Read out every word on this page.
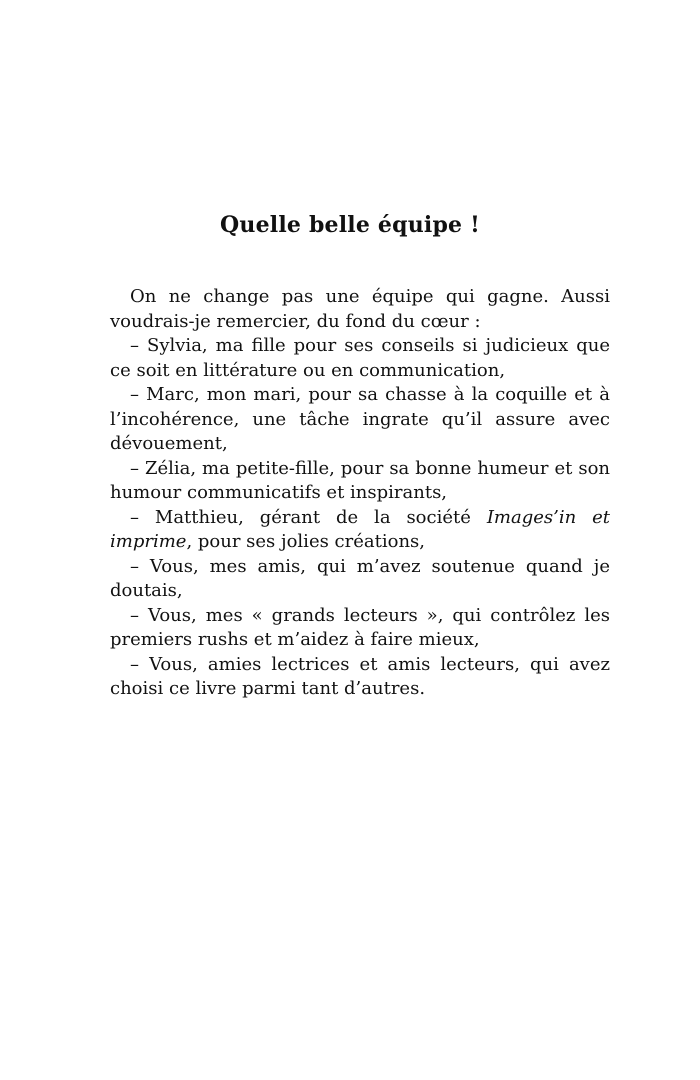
Quelle belle équipe !

On ne change pas une équipe qui gagne. Aussi voudrais-je remercier, du fond du cœur :

– Sylvia, ma fille pour ses conseils si judicieux que ce soit en littérature ou en communication,

– Marc, mon mari, pour sa chasse à la coquille et à l’incohérence, une tâche ingrate qu’il assure avec dévouement,

– Zélia, ma petite-fille, pour sa bonne humeur et son humour communicatifs et inspirants,

– Matthieu, gérant de la société Images’in et imprime, pour ses jolies créations,

– Vous, mes amis, qui m’avez soutenue quand je doutais,

– Vous, mes « grands lecteurs », qui contrôlez les premiers rushs et m’aidez à faire mieux,

– Vous, amies lectrices et amis lecteurs, qui avez choisi ce livre parmi tant d’autres.
